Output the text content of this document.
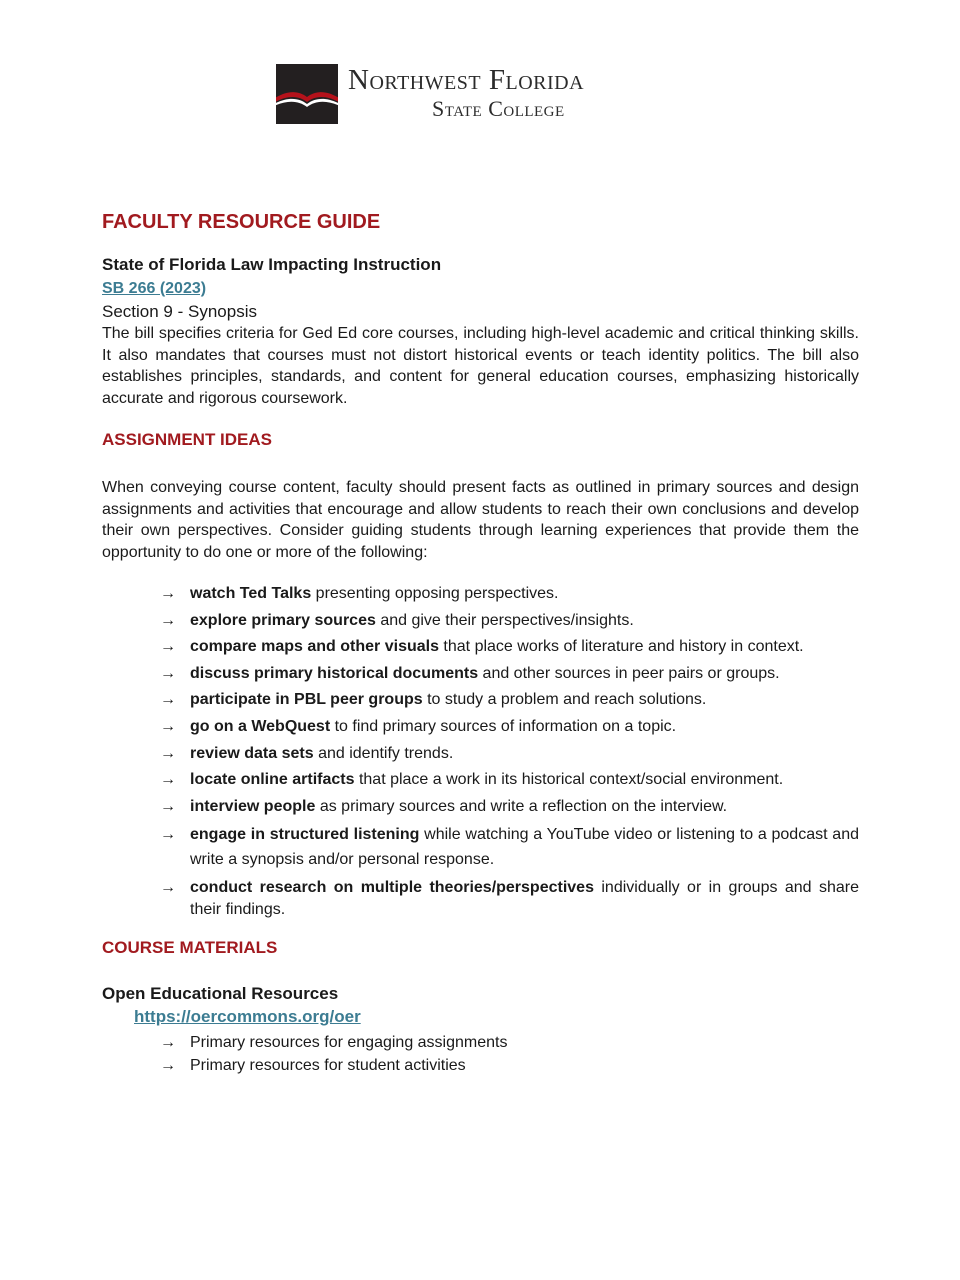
Northwest Florida
State College
FACULTY RESOURCE GUIDE
State of Florida Law Impacting Instruction
SB 266 (2023)
Section 9 - Synopsis

The bill specifies criteria for Ged Ed core courses, including high-level academic and critical thinking skills. It also mandates that courses must not distort historical events or teach identity politics. The bill also establishes principles, standards, and content for general education courses, emphasizing historically accurate and rigorous coursework.

ASSIGNMENT IDEAS

When conveying course content, faculty should present facts as outlined in primary sources and design assignments and activities that encourage and allow students to reach their own conclusions and develop their own perspectives. Consider guiding students through learning experiences that provide them the opportunity to do one or more of the following:

→ watch Ted Talks presenting opposing perspectives.
→ explore primary sources and give their perspectives/insights.
→ compare maps and other visuals that place works of literature and history in context.
→ discuss primary historical documents and other sources in peer pairs or groups.
→ participate in PBL peer groups to study a problem and reach solutions.
→ go on a WebQuest to find primary sources of information on a topic.
→ review data sets and identify trends.
→ locate online artifacts that place a work in its historical context/social environment.
→ interview people as primary sources and write a reflection on the interview.
→ engage in structured listening while watching a YouTube video or listening to a podcast and write a synopsis and/or personal response.
→ conduct research on multiple theories/perspectives individually or in groups and share their findings.
COURSE MATERIALS
Open Educational Resources
https://oercommons.org/oer
→ Primary resources for engaging assignments
→ Primary resources for student activities
